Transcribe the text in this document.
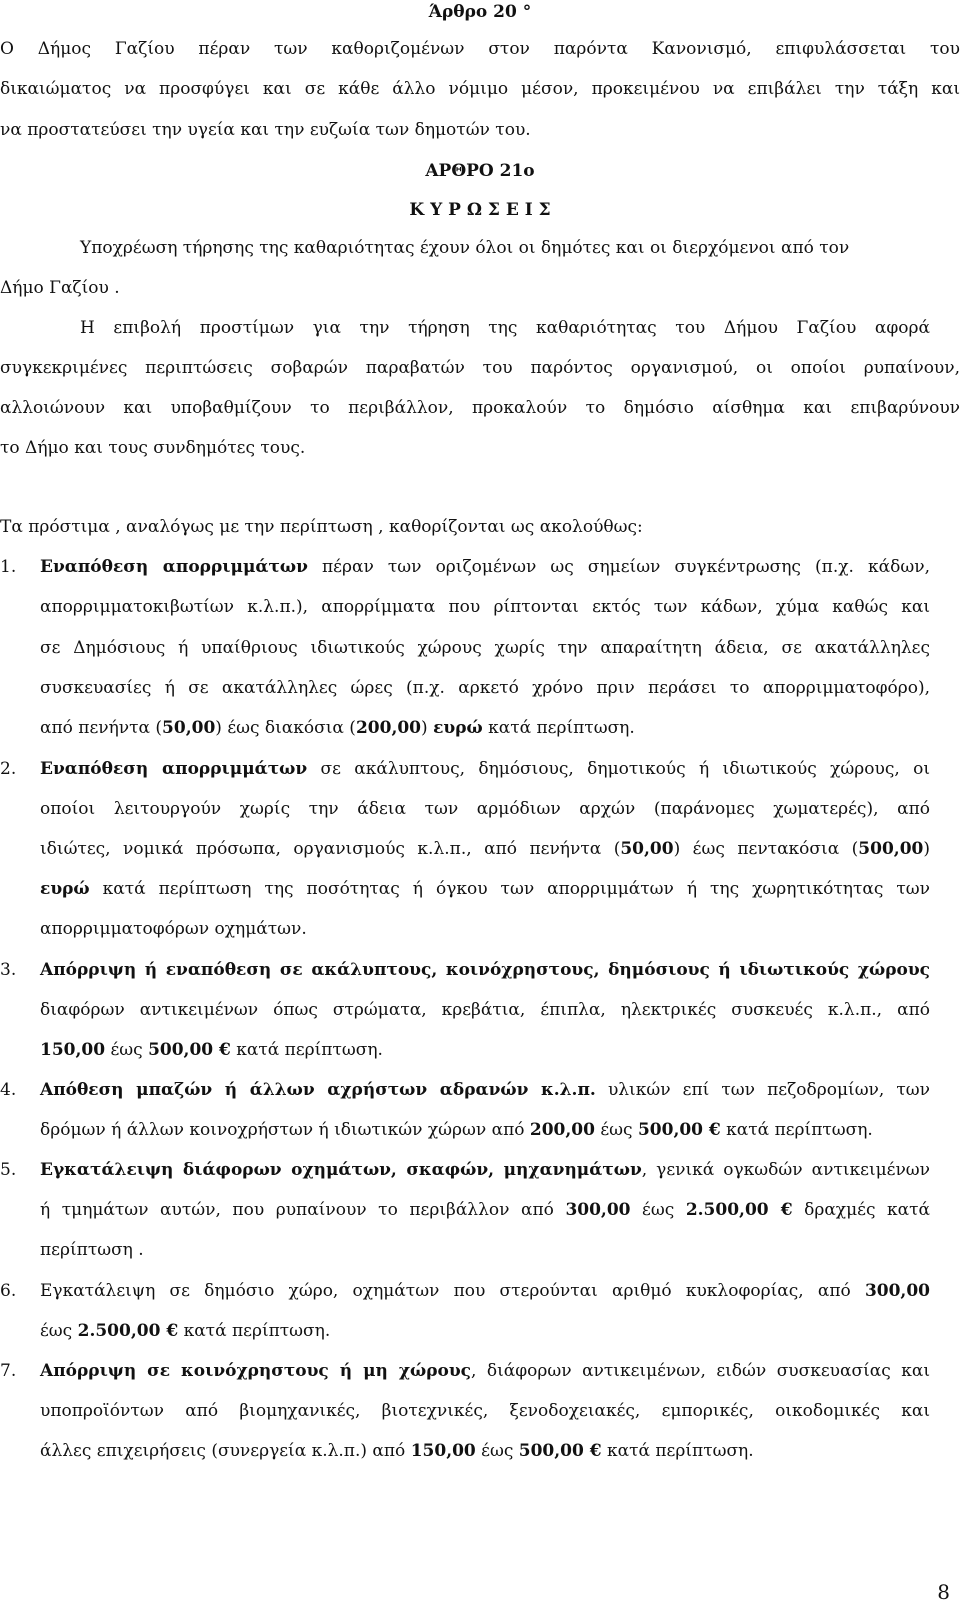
Άρθρο 20 °
Ο Δήμος Γαζίου πέραν των καθοριζομένων στον παρόντα Κανονισμό, επιφυλάσσεται του
δικαιώματος να προσφύγει και σε κάθε άλλο νόμιμο μέσον, προκειμένου να επιβάλει την τάξη και
να προστατεύσει την υγεία και την ευζωία των δημοτών του.
ΑΡΘΡΟ 21ο
Κ Υ Ρ Ω Σ Ε Ι Σ
Υποχρέωση τήρησης της καθαριότητας έχουν όλοι οι δημότες και οι διερχόμενοι από τον
Δήμο Γαζίου .
Η επιβολή προστίμων για την τήρηση της καθαριότητας του Δήμου Γαζίου αφορά
συγκεκριμένες περιπτώσεις σοβαρών παραβατών του παρόντος οργανισμού, οι οποίοι ρυπαίνουν,
αλλοιώνουν και υποβαθμίζουν το περιβάλλον, προκαλούν το δημόσιο αίσθημα και επιβαρύνουν
το Δήμο και τους συνδημότες τους.
Τα πρόστιμα , αναλόγως με την περίπτωση , καθορίζονται ως ακολούθως:
1.	Εναπόθεση απορριμμάτων πέραν των οριζομένων ως σημείων συγκέντρωσης (π.χ. κάδων,
απορριμματοκιβωτίων κ.λ.π.), απορρίμματα που ρίπτονται εκτός των κάδων, χύμα καθώς και
σε Δημόσιους ή υπαίθριους ιδιωτικούς χώρους χωρίς την απαραίτητη άδεια, σε ακατάλληλες
συσκευασίες ή σε ακατάλληλες ώρες (π.χ. αρκετό χρόνο πριν περάσει το απορριμματοφόρο),
από πενήντα (50,00) έως διακόσια (200,00) ευρώ κατά περίπτωση.
2.	Εναπόθεση απορριμμάτων σε ακάλυπτους, δημόσιους, δημοτικούς ή ιδιωτικούς χώρους, οι
οποίοι λειτουργούν χωρίς την άδεια των αρμόδιων αρχών (παράνομες χωματερές), από
ιδιώτες, νομικά πρόσωπα, οργανισμούς κ.λ.π., από πενήντα (50,00) έως πεντακόσια (500,00)
ευρώ κατά περίπτωση της ποσότητας ή όγκου των απορριμμάτων ή της χωρητικότητας των
απορριμματοφόρων οχημάτων.
3.	Απόρριψη ή εναπόθεση σε ακάλυπτους, κοινόχρηστους, δημόσιους ή ιδιωτικούς χώρους
διαφόρων αντικειμένων όπως στρώματα, κρεβάτια, έπιπλα, ηλεκτρικές συσκευές κ.λ.π., από
150,00 έως 500,00 € κατά περίπτωση.
4.	Απόθεση μπαζών ή άλλων αχρήστων αδρανών κ.λ.π. υλικών επί των πεζοδρομίων, των
δρόμων ή άλλων κοινοχρήστων ή ιδιωτικών χώρων από 200,00 έως 500,00 € κατά περίπτωση.
5.	Εγκατάλειψη διάφορων οχημάτων, σκαφών, μηχανημάτων, γενικά ογκωδών αντικειμένων
ή τμημάτων αυτών, που ρυπαίνουν το περιβάλλον από 300,00 έως 2.500,00 € δραχμές κατά
περίπτωση .
6.	Εγκατάλειψη σε δημόσιο χώρο, οχημάτων που στερούνται αριθμό κυκλοφορίας, από 300,00
έως 2.500,00 € κατά περίπτωση.
7.	Απόρριψη σε κοινόχρηστους ή μη χώρους, διάφορων αντικειμένων, ειδών συσκευασίας και
υποπροϊόντων από βιομηχανικές, βιοτεχνικές, ξενοδοχειακές, εμπορικές, οικοδομικές και
άλλες επιχειρήσεις (συνεργεία κ.λ.π.) από 150,00 έως 500,00 € κατά περίπτωση.
8
